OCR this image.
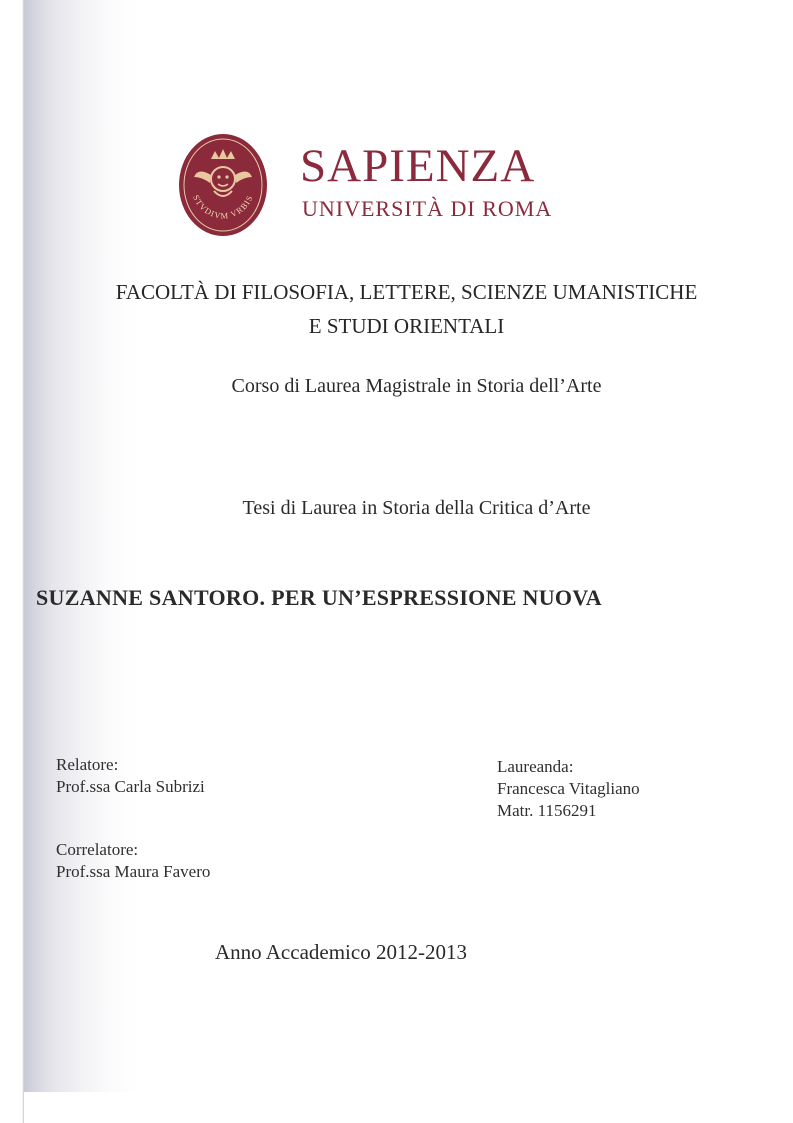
STVDIVM VRBIS
SAPIENZA
UNIVERSITÀ DI ROMA
FACOLTÀ DI FILOSOFIA, LETTERE, SCIENZE UMANISTICHE
E STUDI ORIENTALI
Corso di Laurea Magistrale in Storia dell’Arte
Tesi di Laurea in Storia della Critica d’Arte
SUZANNE SANTORO. PER UN’ESPRESSIONE NUOVA
Relatore:
Prof.ssa Carla Subrizi
Correlatore:
Prof.ssa Maura Favero
Laureanda:
Francesca Vitagliano
Matr. 1156291
Anno Accademico 2012-2013
